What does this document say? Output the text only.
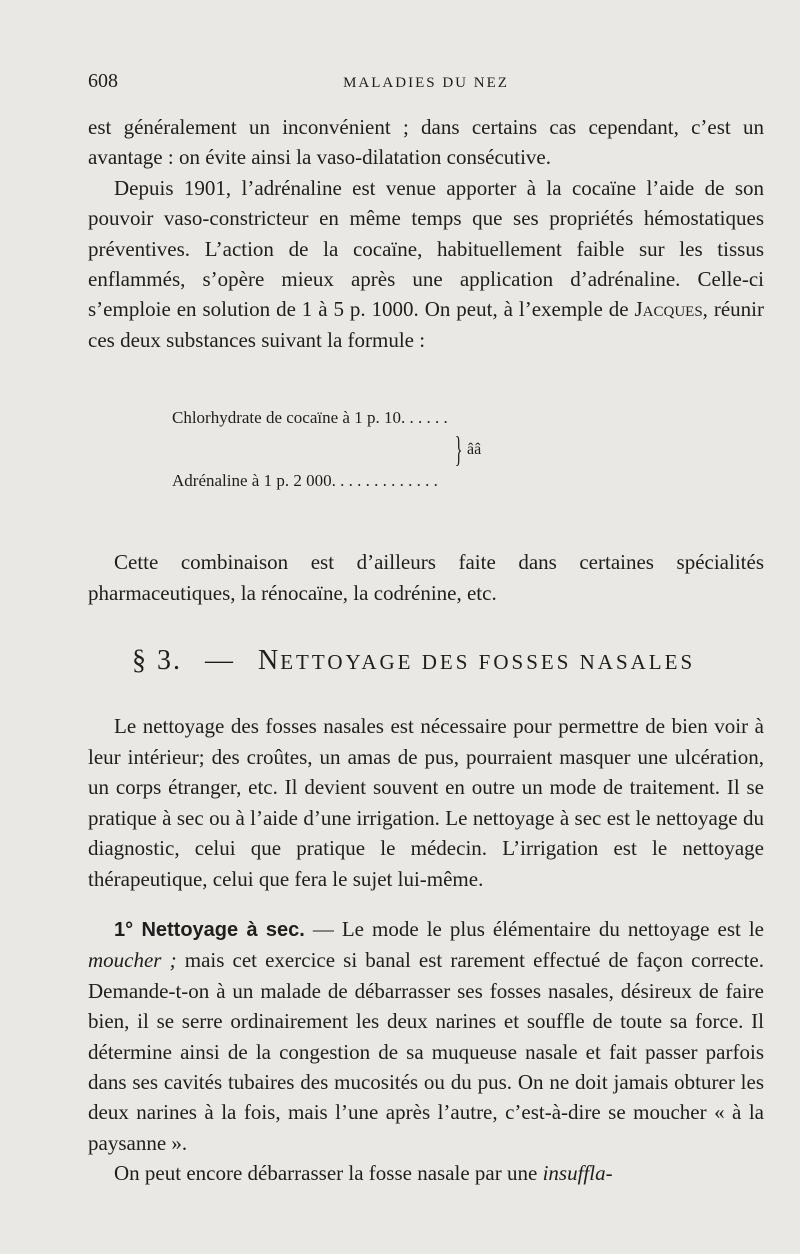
608	MALADIES DU NEZ

est généralement un inconvénient ; dans certains cas cependant, c’est un avantage : on évite ainsi la vaso-dilatation consécutive.

Depuis 1901, l’adrénaline est venue apporter à la cocaïne l’aide de son pouvoir vaso-constricteur en même temps que ses propriétés hémostatiques préventives. L’action de la cocaïne, habituellement faible sur les tissus enflammés, s’opère mieux après une application d’adrénaline. Celle-ci s’emploie en solution de 1 à 5 p. 1000. On peut, à l’exemple de Jacques, réunir ces deux substances suivant la formule :

Chlorhydrate de cocaïne à 1 p. 10. . . . . .

Adrénaline à 1 p. 2 000. . . . . . . . . . . . .

} ââ

Cette combinaison est d’ailleurs faite dans certaines spécialités pharmaceutiques, la rénocaïne, la codrénine, etc.

§ 3. — NETTOYAGE DES FOSSES NASALES

Le nettoyage des fosses nasales est nécessaire pour permettre de bien voir à leur intérieur; des croûtes, un amas de pus, pourraient masquer une ulcération, un corps étranger, etc. Il devient souvent en outre un mode de traitement. Il se pratique à sec ou à l’aide d’une irrigation. Le nettoyage à sec est le nettoyage du diagnostic, celui que pratique le médecin. L’irrigation est le nettoyage thérapeutique, celui que fera le sujet lui-même.

1° Nettoyage à sec. — Le mode le plus élémentaire du nettoyage est le moucher ; mais cet exercice si banal est rarement effectué de façon correcte. Demande-t-on à un malade de débarrasser ses fosses nasales, désireux de faire bien, il se serre ordinairement les deux narines et souffle de toute sa force. Il détermine ainsi de la congestion de sa muqueuse nasale et fait passer parfois dans ses cavités tubaires des mucosités ou du pus. On ne doit jamais obturer les deux narines à la fois, mais l’une après l’autre, c’est-à-dire se moucher « à la paysanne ».

On peut encore débarrasser la fosse nasale par une insuffla-
